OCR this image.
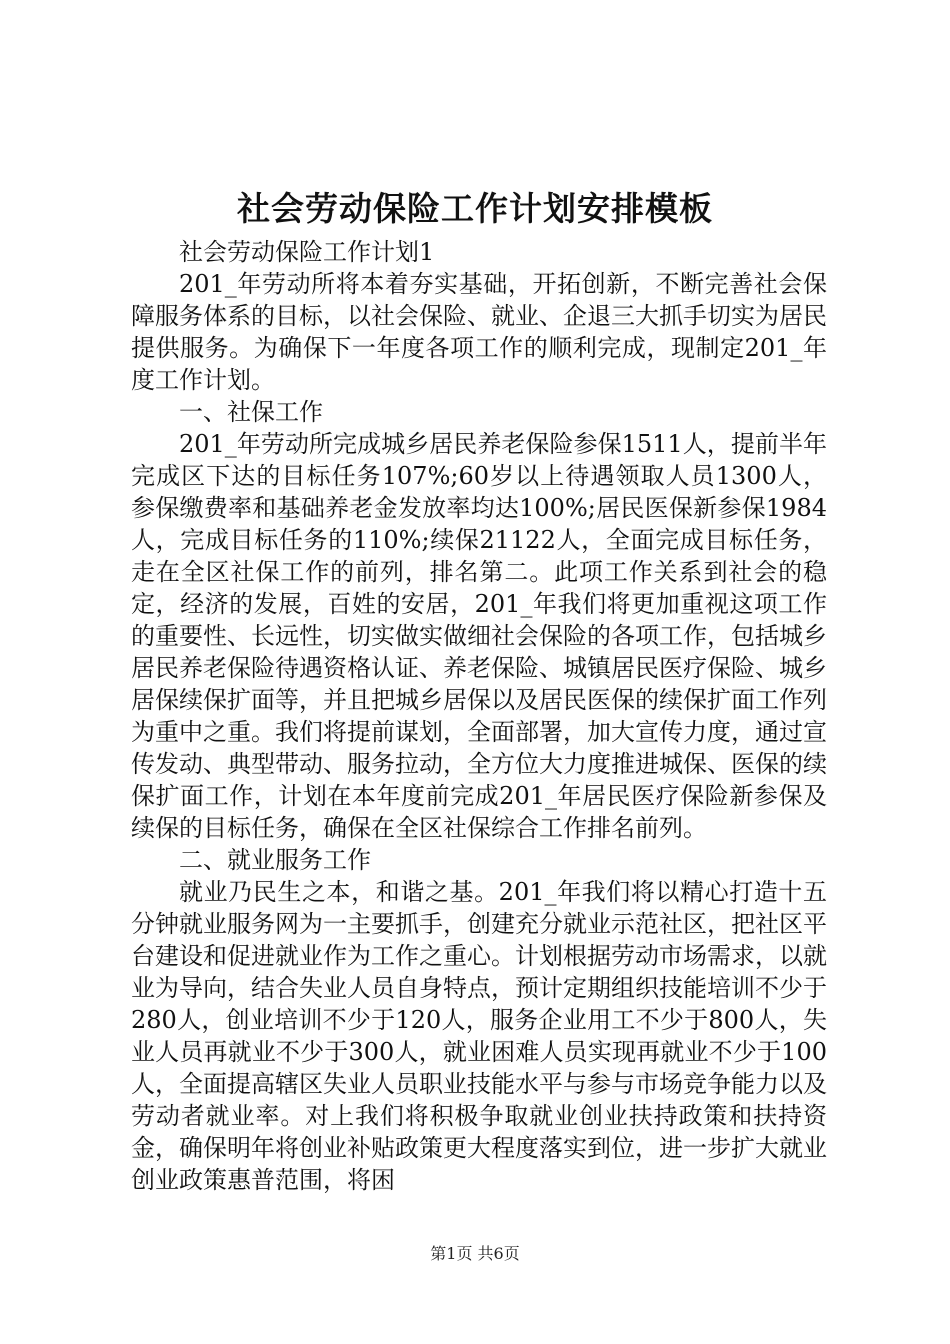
社会劳动保险工作计划安排模板

社会劳动保险工作计划1

201_年劳动所将本着夯实基础，开拓创新，不断完善社会保障服务体系的目标，以社会保险、就业、企退三大抓手切实为居民提供服务。为确保下一年度各项工作的顺利完成，现制定201_年度工作计划。

一、社保工作

201_年劳动所完成城乡居民养老保险参保1511人，提前半年完成区下达的目标任务107%;60岁以上待遇领取人员1300人，参保缴费率和基础养老金发放率均达100%;居民医保新参保1984人，完成目标任务的110%;续保21122人，全面完成目标任务，走在全区社保工作的前列，排名第二。此项工作关系到社会的稳定，经济的发展，百姓的安居，201_年我们将更加重视这项工作的重要性、长远性，切实做实做细社会保险的各项工作，包括城乡居民养老保险待遇资格认证、养老保险、城镇居民医疗保险、城乡居保续保扩面等，并且把城乡居保以及居民医保的续保扩面工作列为重中之重。我们将提前谋划，全面部署，加大宣传力度，通过宣传发动、典型带动、服务拉动，全方位大力度推进城保、医保的续保扩面工作，计划在本年度前完成201_年居民医疗保险新参保及续保的目标任务，确保在全区社保综合工作排名前列。

二、就业服务工作

就业乃民生之本，和谐之基。201_年我们将以精心打造十五分钟就业服务网为一主要抓手，创建充分就业示范社区，把社区平台建设和促进就业作为工作之重心。计划根据劳动市场需求，以就业为导向，结合失业人员自身特点，预计定期组织技能培训不少于280人，创业培训不少于120人，服务企业用工不少于800人，失业人员再就业不少于300人，就业困难人员实现再就业不少于100人，全面提高辖区失业人员职业技能水平与参与市场竞争能力以及劳动者就业率。对上我们将积极争取就业创业扶持政策和扶持资金，确保明年将创业补贴政策更大程度落实到位，进一步扩大就业创业政策惠普范围，将困

第1页 共6页
